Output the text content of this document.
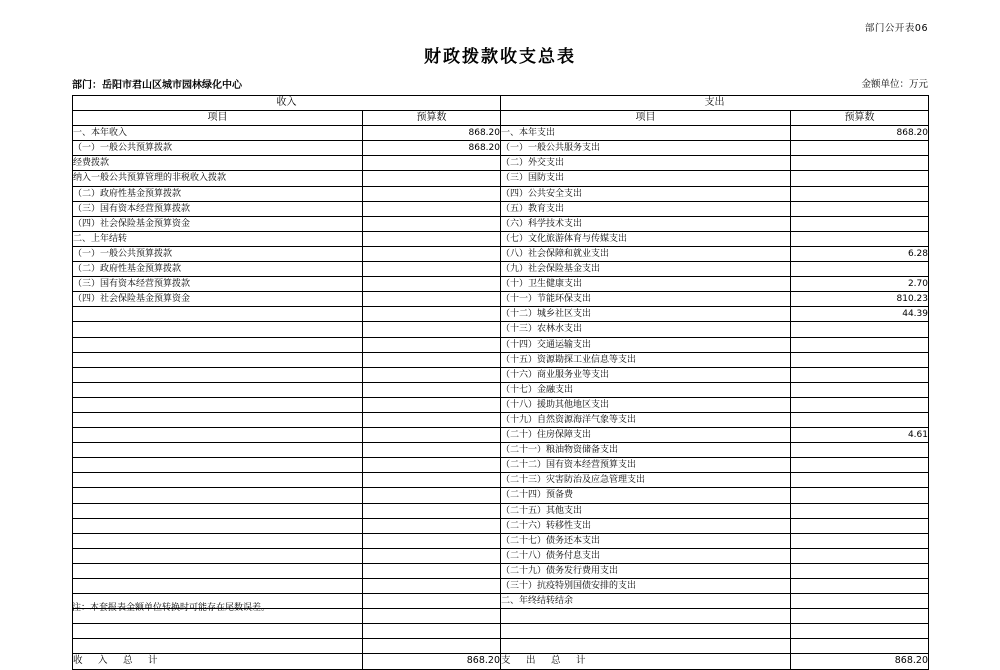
部门公开表06
财政拨款收支总表
部门：岳阳市君山区城市园林绿化中心	金额单位：万元
收入		支出	
项目	预算数	项目	预算数
一、本年收入	868.20	一、本年支出	868.20
（一）一般公共预算拨款	868.20	（一）一般公共服务支出	
经费拨款		（二）外交支出	
纳入一般公共预算管理的非税收入拨款		（三）国防支出	
（二）政府性基金预算拨款		（四）公共安全支出	
（三）国有资本经营预算拨款		（五）教育支出	
（四）社会保险基金预算资金		（六）科学技术支出	
二、上年结转		（七）文化旅游体育与传媒支出	
（一）一般公共预算拨款		（八）社会保障和就业支出	6.28
（二）政府性基金预算拨款		（九）社会保险基金支出	
（三）国有资本经营预算拨款		（十）卫生健康支出	2.70
（四）社会保险基金预算资金		（十一）节能环保支出	810.23
		（十二）城乡社区支出	44.39
		（十三）农林水支出	
		（十四）交通运输支出	
		（十五）资源勘探工业信息等支出	
		（十六）商业服务业等支出	
		（十七）金融支出	
		（十八）援助其他地区支出	
		（十九）自然资源海洋气象等支出	
		（二十）住房保障支出	4.61
		（二十一）粮油物资储备支出	
		（二十二）国有资本经营预算支出	
		（二十三）灾害防治及应急管理支出	
		（二十四）预备费	
		（二十五）其他支出	
		（二十六）转移性支出	
		（二十七）债务还本支出	
		（二十八）债务付息支出	
		（二十九）债务发行费用支出	
		（三十）抗疫特别国债安排的支出	
		二、年终结转结余	

收　入　总　计	868.20	支　出　总　计	868.20
注：本套报表金额单位转换时可能存在尾数误差。
